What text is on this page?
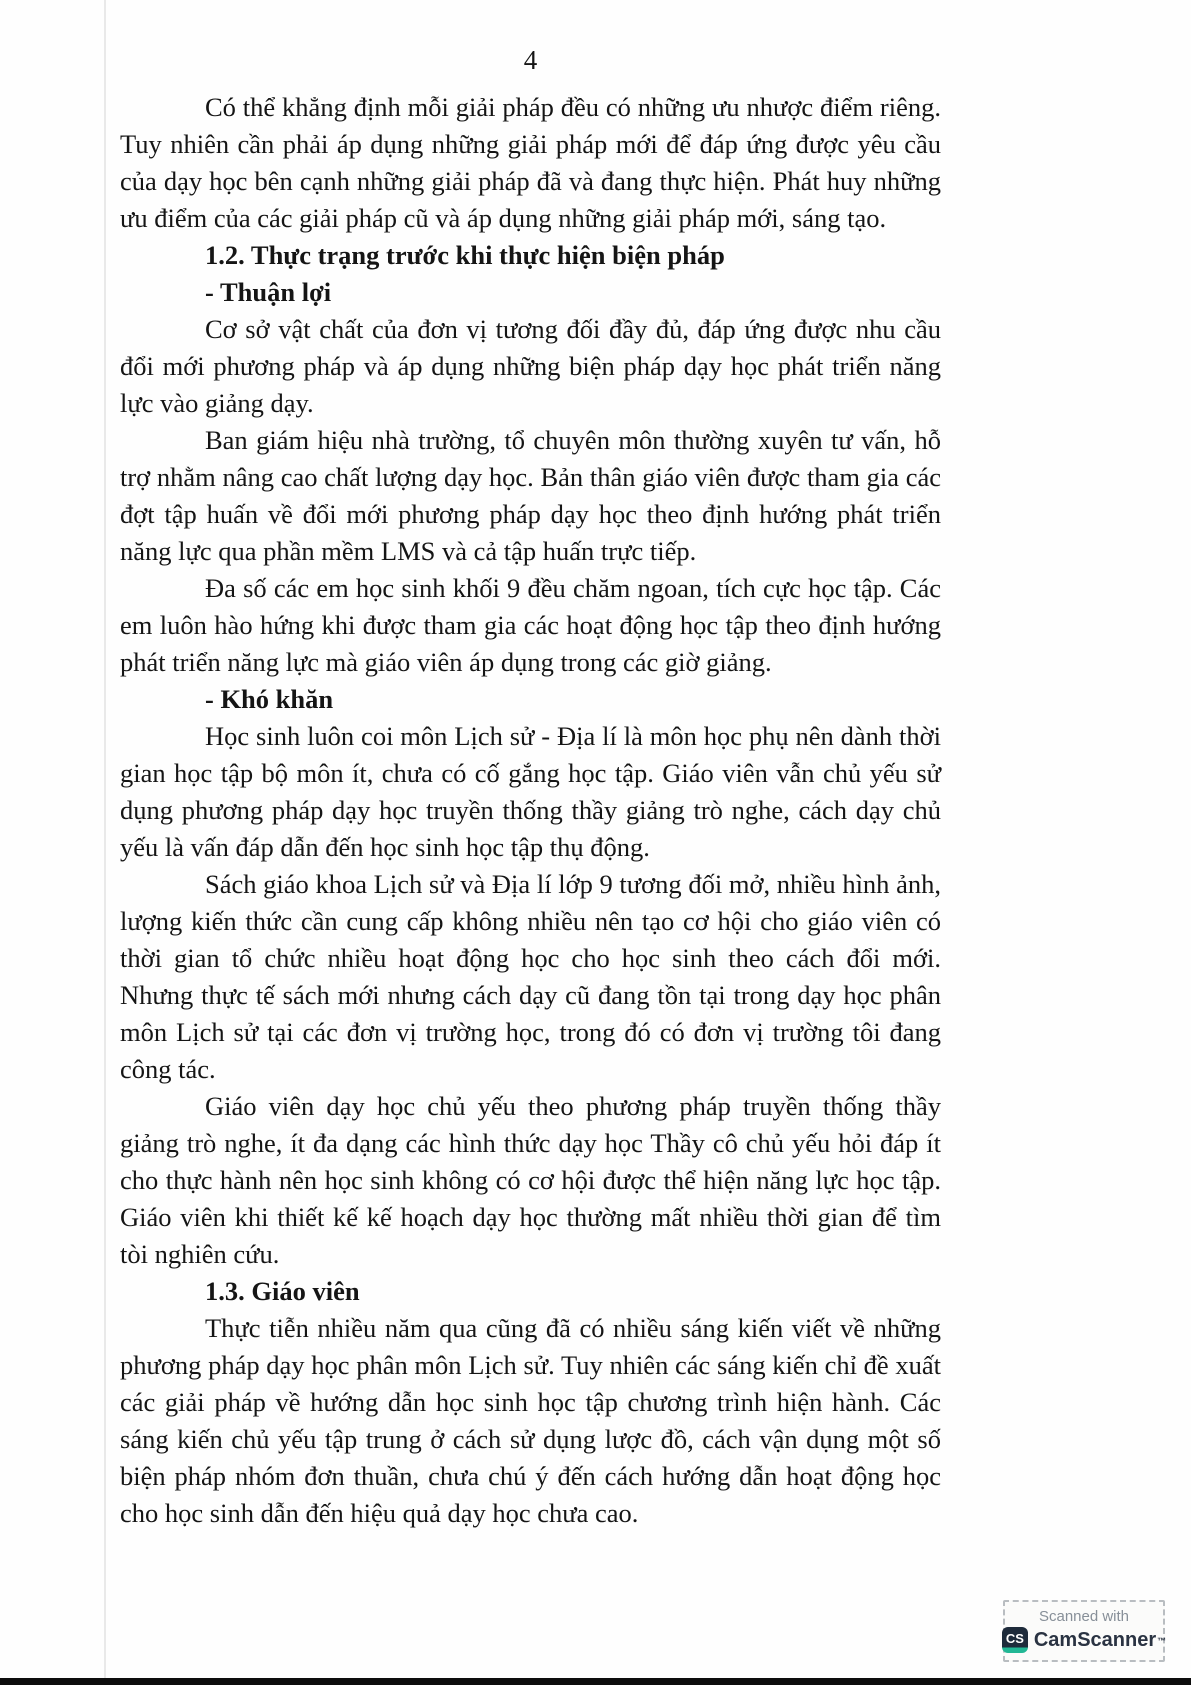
4

Có thể khẳng định mỗi giải pháp đều có những ưu nhược điểm riêng. Tuy nhiên cần phải áp dụng những giải pháp mới để đáp ứng được yêu cầu của dạy học bên cạnh những giải pháp đã và đang thực hiện. Phát huy những ưu điểm của các giải pháp cũ và áp dụng những giải pháp mới, sáng tạo.

1.2. Thực trạng trước khi thực hiện biện pháp

- Thuận lợi

Cơ sở vật chất của đơn vị tương đối đầy đủ, đáp ứng được nhu cầu đổi mới phương pháp và áp dụng những biện pháp dạy học phát triển năng lực vào giảng dạy.

Ban giám hiệu nhà trường, tổ chuyên môn thường xuyên tư vấn, hỗ trợ nhằm nâng cao chất lượng dạy học. Bản thân giáo viên được tham gia các đợt tập huấn về đổi mới phương pháp dạy học theo định hướng phát triển năng lực qua phần mềm LMS và cả tập huấn trực tiếp.

Đa số các em học sinh khối 9 đều chăm ngoan, tích cực học tập. Các em luôn hào hứng khi được tham gia các hoạt động học tập theo định hướng phát triển năng lực mà giáo viên áp dụng trong các giờ giảng.

- Khó khăn

Học sinh luôn coi môn Lịch sử - Địa lí là môn học phụ nên dành thời gian học tập bộ môn ít, chưa có cố gắng học tập. Giáo viên vẫn chủ yếu sử dụng phương pháp dạy học truyền thống thầy giảng trò nghe, cách dạy chủ yếu là vấn đáp dẫn đến học sinh học tập thụ động.

Sách giáo khoa Lịch sử và Địa lí lớp 9 tương đối mở, nhiều hình ảnh, lượng kiến thức cần cung cấp không nhiều nên tạo cơ hội cho giáo viên có thời gian tổ chức nhiều hoạt động học cho học sinh theo cách đổi mới. Nhưng thực tế sách mới nhưng cách dạy cũ đang tồn tại trong dạy học phân môn Lịch sử tại các đơn vị trường học, trong đó có đơn vị trường tôi đang công tác.

Giáo viên dạy học chủ yếu theo phương pháp truyền thống thầy giảng trò nghe, ít đa dạng các hình thức dạy học Thầy cô chủ yếu hỏi đáp ít cho thực hành nên học sinh không có cơ hội được thể hiện năng lực học tập. Giáo viên khi thiết kế kế hoạch dạy học thường mất nhiều thời gian để tìm tòi nghiên cứu.

1.3. Giáo viên

Thực tiễn nhiều năm qua cũng đã có nhiều sáng kiến viết về những phương pháp dạy học phân môn Lịch sử. Tuy nhiên các sáng kiến chỉ đề xuất các giải pháp về hướng dẫn học sinh học tập chương trình hiện hành. Các sáng kiến chủ yếu tập trung ở cách sử dụng lược đồ, cách vận dụng một số biện pháp nhóm đơn thuần, chưa chú ý đến cách hướng dẫn hoạt động học cho học sinh dẫn đến hiệu quả dạy học chưa cao.

Scanned with
CS CamScanner ™
